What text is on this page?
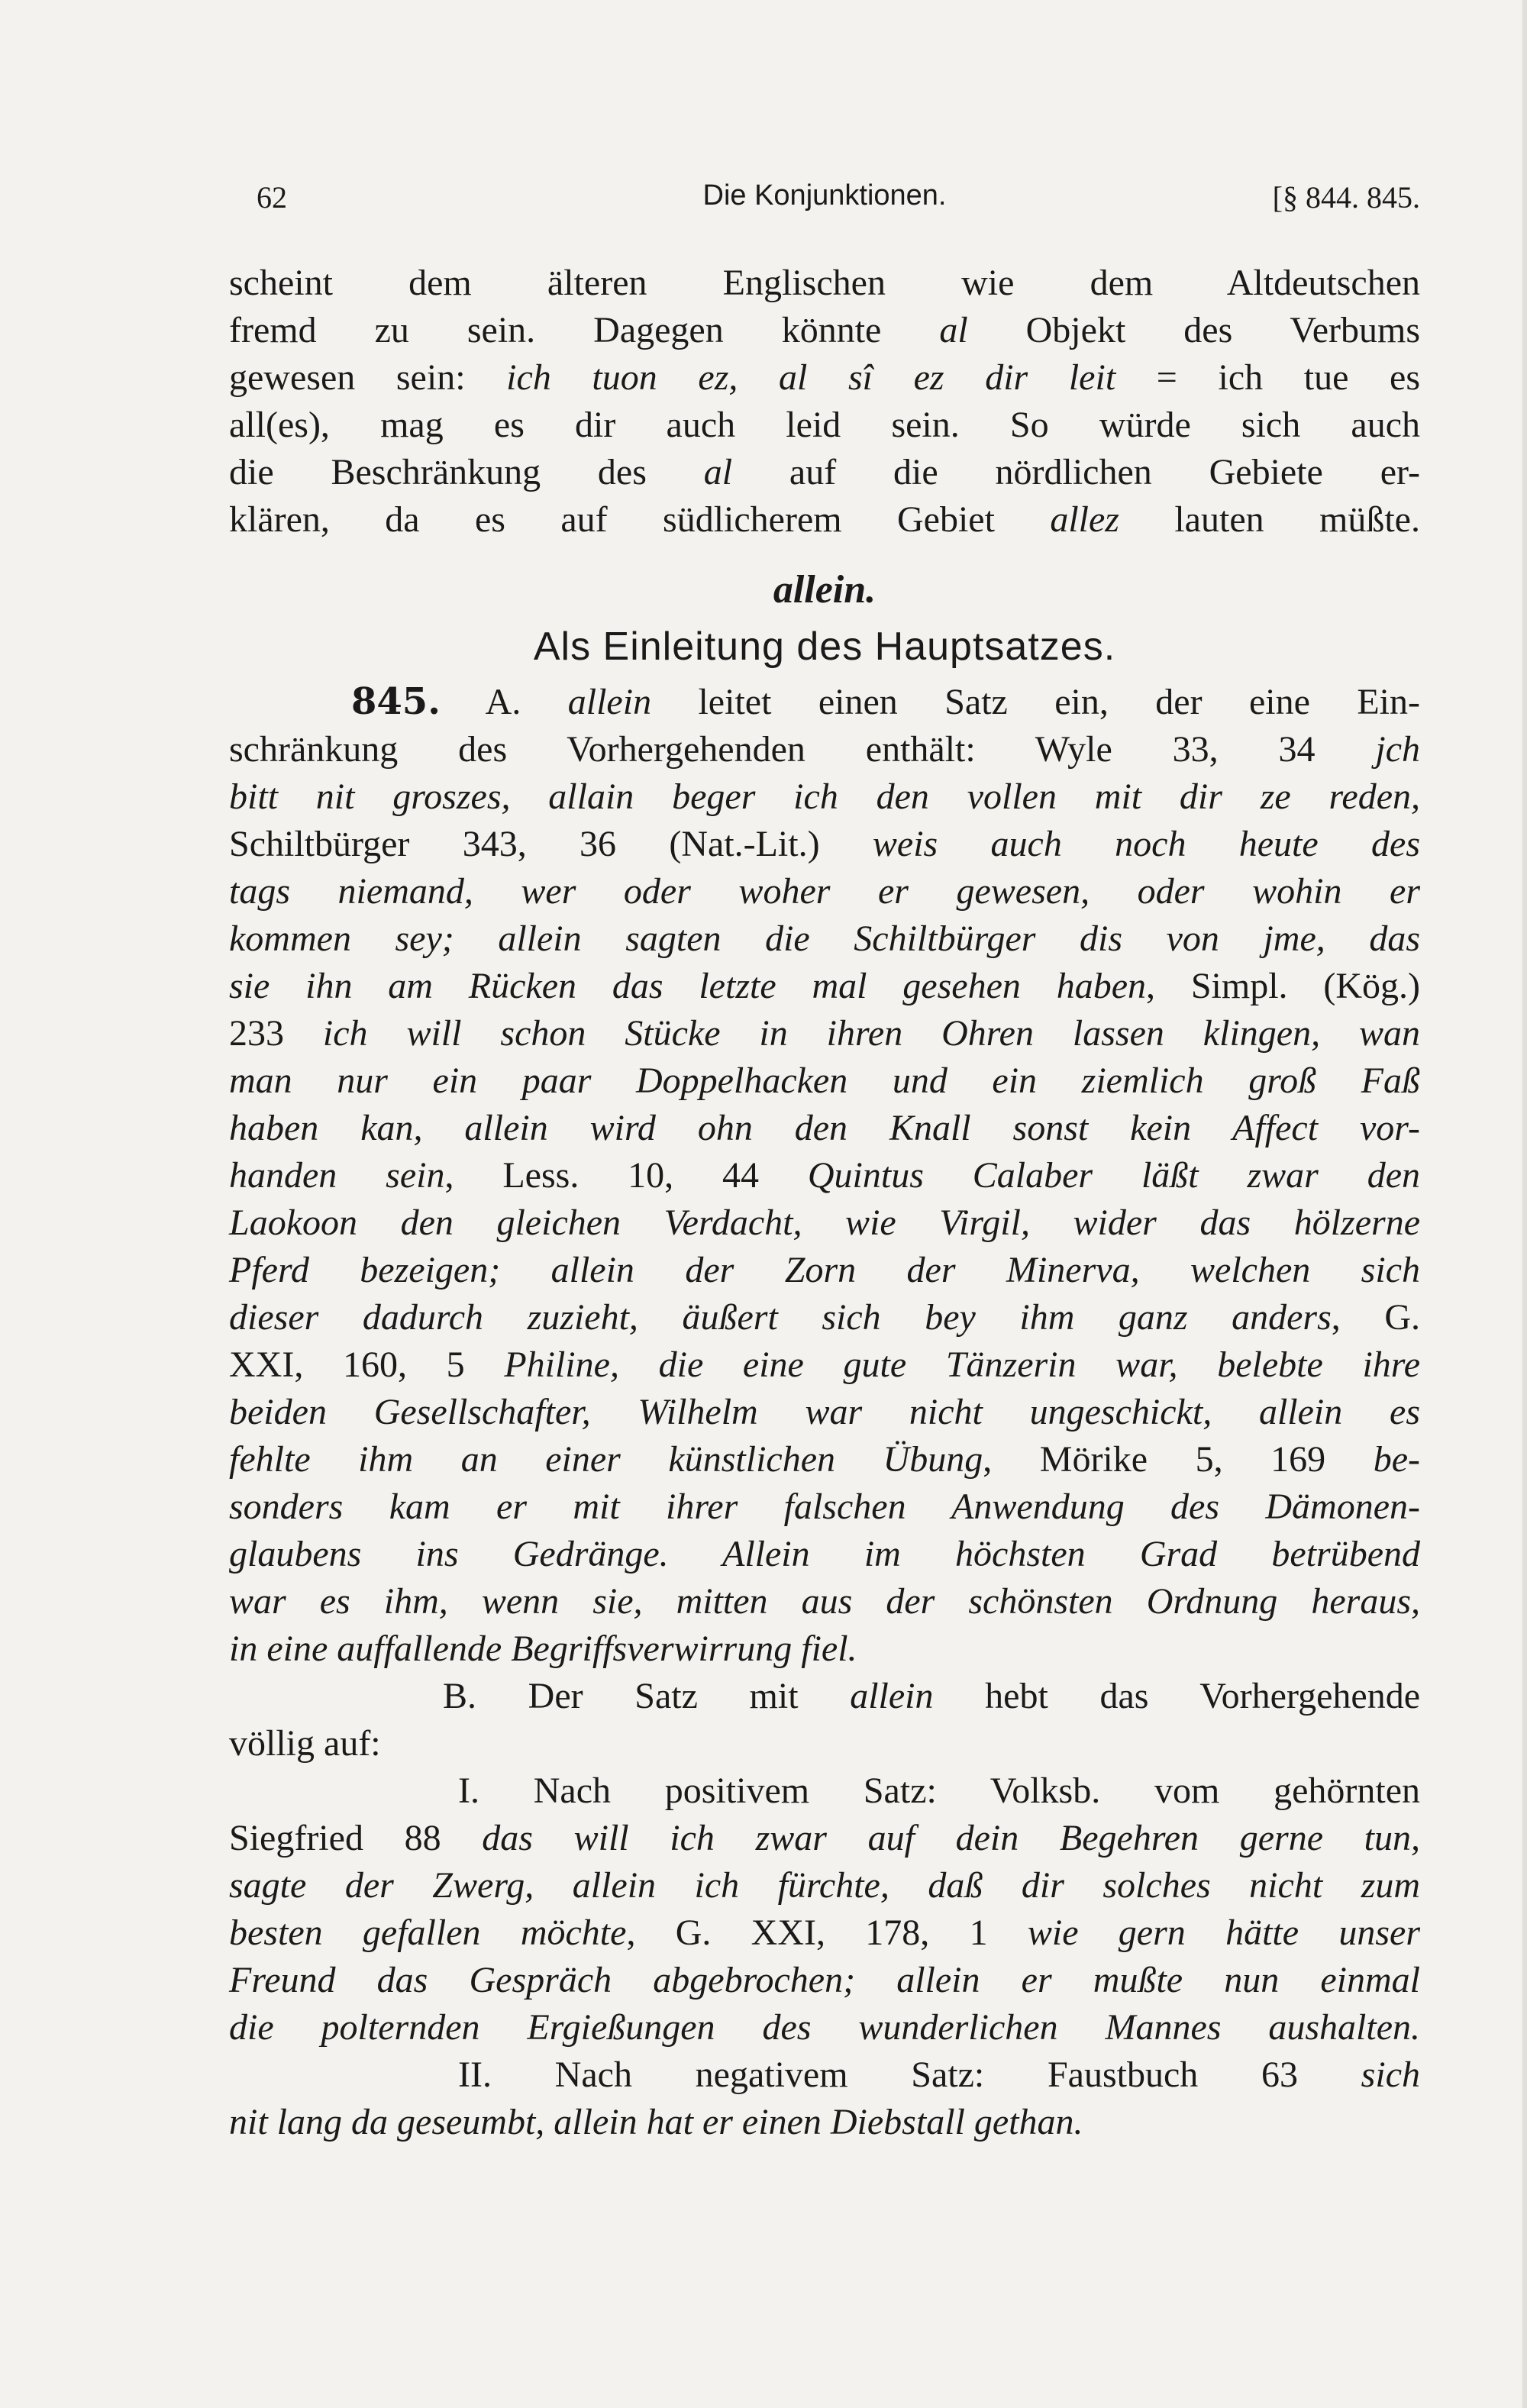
62	Die Konjunktionen.	[§ 844. 845.
scheint dem älteren Englischen wie dem Altdeutschen
fremd zu sein. Dagegen könnte al Objekt des Verbums
gewesen sein: ich tuon ez, al sî ez dir leit = ich tue es
all(es), mag es dir auch leid sein. So würde sich auch
die Beschränkung des al auf die nördlichen Gebiete er-
klären, da es auf südlicherem Gebiet allez lauten müßte.
allein.
Als Einleitung des Hauptsatzes.
845. A. allein leitet einen Satz ein, der eine Ein-
schränkung des Vorhergehenden enthält: Wyle 33, 34 jch
bitt nit groszes, allain beger ich den vollen mit dir ze reden,
Schiltbürger 343, 36 (Nat.-Lit.) weis auch noch heute des
tags niemand, wer oder woher er gewesen, oder wohin er
kommen sey; allein sagten die Schiltbürger dis von jme, das
sie ihn am Rücken das letzte mal gesehen haben, Simpl. (Kög.)
233 ich will schon Stücke in ihren Ohren lassen klingen, wan
man nur ein paar Doppelhacken und ein ziemlich groß Faß
haben kan, allein wird ohn den Knall sonst kein Affect vor-
handen sein, Less. 10, 44 Quintus Calaber läßt zwar den
Laokoon den gleichen Verdacht, wie Virgil, wider das hölzerne
Pferd bezeigen; allein der Zorn der Minerva, welchen sich
dieser dadurch zuzieht, äußert sich bey ihm ganz anders, G.
XXI, 160, 5 Philine, die eine gute Tänzerin war, belebte ihre
beiden Gesellschafter, Wilhelm war nicht ungeschickt, allein es
fehlte ihm an einer künstlichen Übung, Mörike 5, 169 be-
sonders kam er mit ihrer falschen Anwendung des Dämonen-
glaubens ins Gedränge. Allein im höchsten Grad betrübend
war es ihm, wenn sie, mitten aus der schönsten Ordnung heraus,
in eine auffallende Begriffsverwirrung fiel.
B. Der Satz mit allein hebt das Vorhergehende
völlig auf:
I. Nach positivem Satz: Volksb. vom gehörnten
Siegfried 88 das will ich zwar auf dein Begehren gerne tun,
sagte der Zwerg, allein ich fürchte, daß dir solches nicht zum
besten gefallen möchte, G. XXI, 178, 1 wie gern hätte unser
Freund das Gespräch abgebrochen; allein er mußte nun einmal
die polternden Ergießungen des wunderlichen Mannes aushalten.
II. Nach negativem Satz: Faustbuch 63 sich
nit lang da geseumbt, allein hat er einen Diebstall gethan.
